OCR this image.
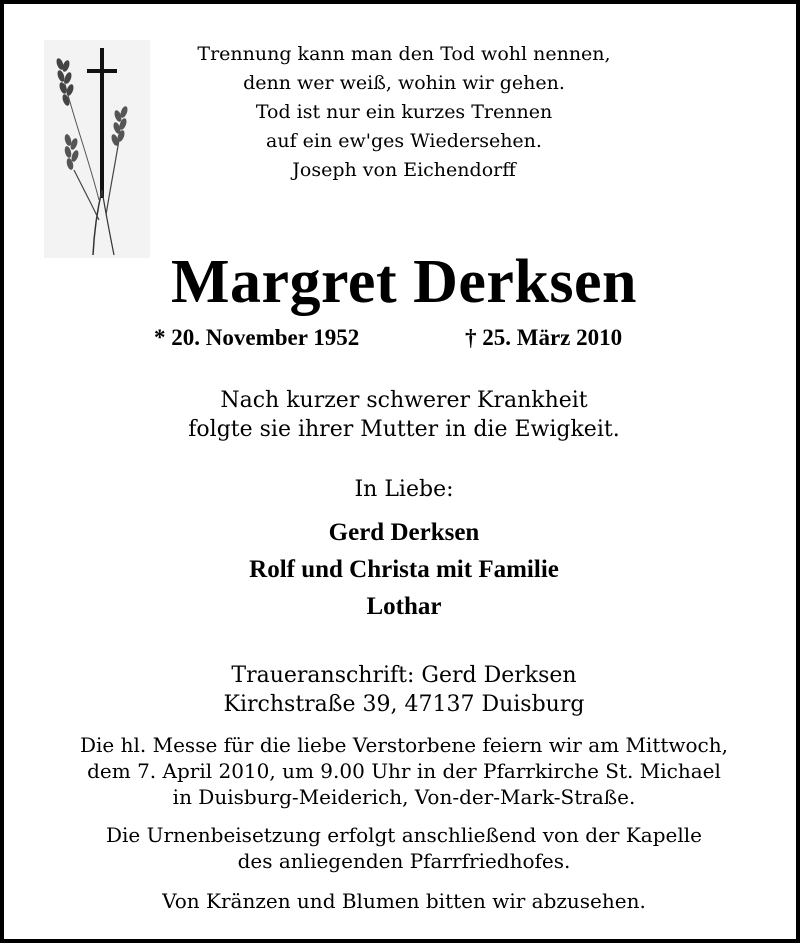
Trennung kann man den Tod wohl nennen,
denn wer weiß, wohin wir gehen.
Tod ist nur ein kurzes Trennen
auf ein ew'ges Wiedersehen.
Joseph von Eichendorff
Margret Derksen
* 20. November 1952	† 25. März 2010
Nach kurzer schwerer Krankheit
folgte sie ihrer Mutter in die Ewigkeit.
In Liebe:
Gerd Derksen
Rolf und Christa mit Familie
Lothar
Traueranschrift: Gerd Derksen
Kirchstraße 39, 47137 Duisburg
Die hl. Messe für die liebe Verstorbene feiern wir am Mittwoch,
dem 7. April 2010, um 9.00 Uhr in der Pfarrkirche St. Michael
in Duisburg-Meiderich, Von-der-Mark-Straße.
Die Urnenbeisetzung erfolgt anschließend von der Kapelle
des anliegenden Pfarrfriedhofes.
Von Kränzen und Blumen bitten wir abzusehen.
